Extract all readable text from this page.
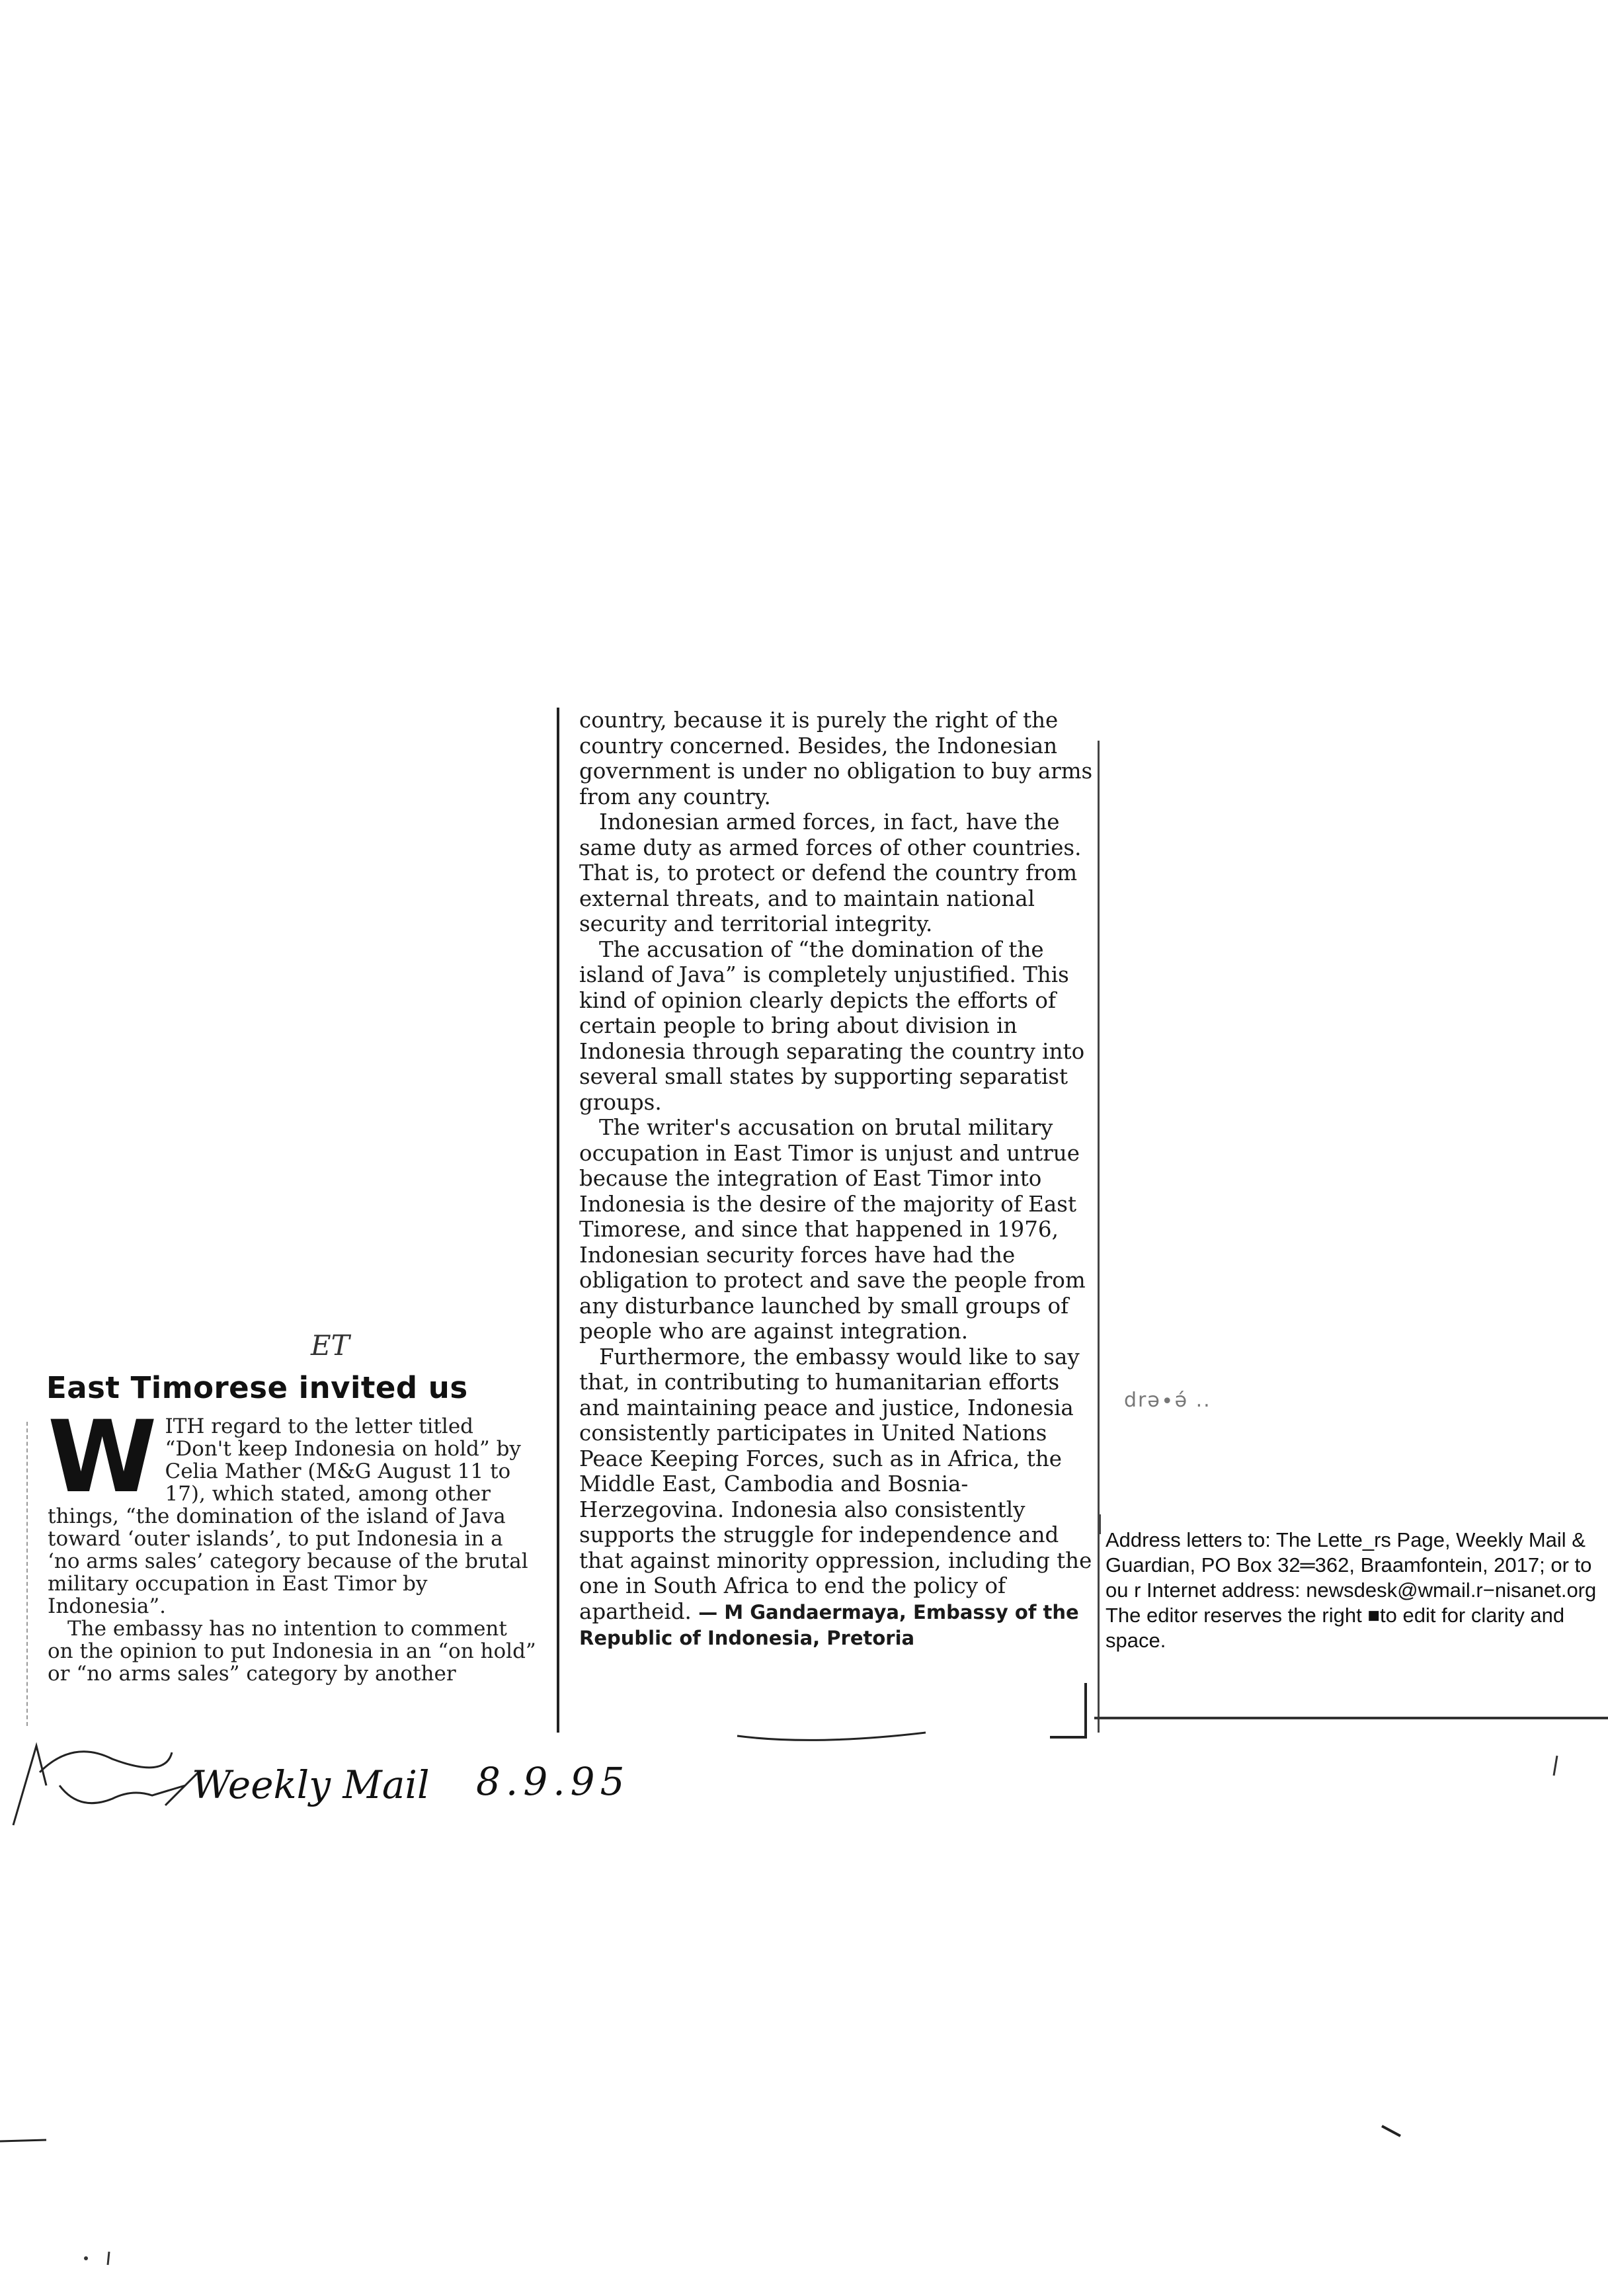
ET
East Timorese invited us

WITH regard to the letter titled “Don't keep Indonesia on hold” by Celia Mather (M&G August 11 to 17), which stated, among other things, “the domination of the island of Java toward ‘outer islands’, to put Indonesia in a ‘no arms sales’ category because of the brutal military occupation in East Timor by Indonesia”.

The embassy has no intention to comment on the opinion to put Indonesia in an “on hold” or “no arms sales” category by another

country, because it is purely the right of the country concerned. Besides, the Indonesian government is under no obligation to buy arms from any country.

Indonesian armed forces, in fact, have the same duty as armed forces of other countries. That is, to protect or defend the country from external threats, and to maintain national security and territorial integrity.

The accusation of “the domination of the island of Java” is completely unjustified. This kind of opinion clearly depicts the efforts of certain people to bring about division in Indonesia through separating the country into several small states by supporting separatist groups.

The writer's accusation on brutal military occupation in East Timor is unjust and untrue because the integration of East Timor into Indonesia is the desire of the majority of East Timorese, and since that happened in 1976, Indonesian security forces have had the obligation to protect and save the people from any disturbance launched by small groups of people who are against integration.

Furthermore, the embassy would like to say that, in contributing to humanitarian efforts and maintaining peace and justice, Indonesia consistently participates in United Nations Peace Keeping Forces, such as in Africa, the Middle East, Cambodia and Bosnia-Herzegovina. Indonesia also consistently supports the struggle for independence and that against minority oppression, including the one in South Africa to end the policy of apartheid. — M Gandaermaya, Embassy of the Republic of Indonesia, Pretoria

drə∙ə́ ..

Address letters to: The Lette_rs Page, Weekly Mail & Guardian, PO Box 32═362, Braamfontein, 2017; or to ou r Internet address: newsdesk@wmail.r−nisanet.org

The editor reserves the right ■to edit for clarity and space.

Weekly Mail 8.9.95
